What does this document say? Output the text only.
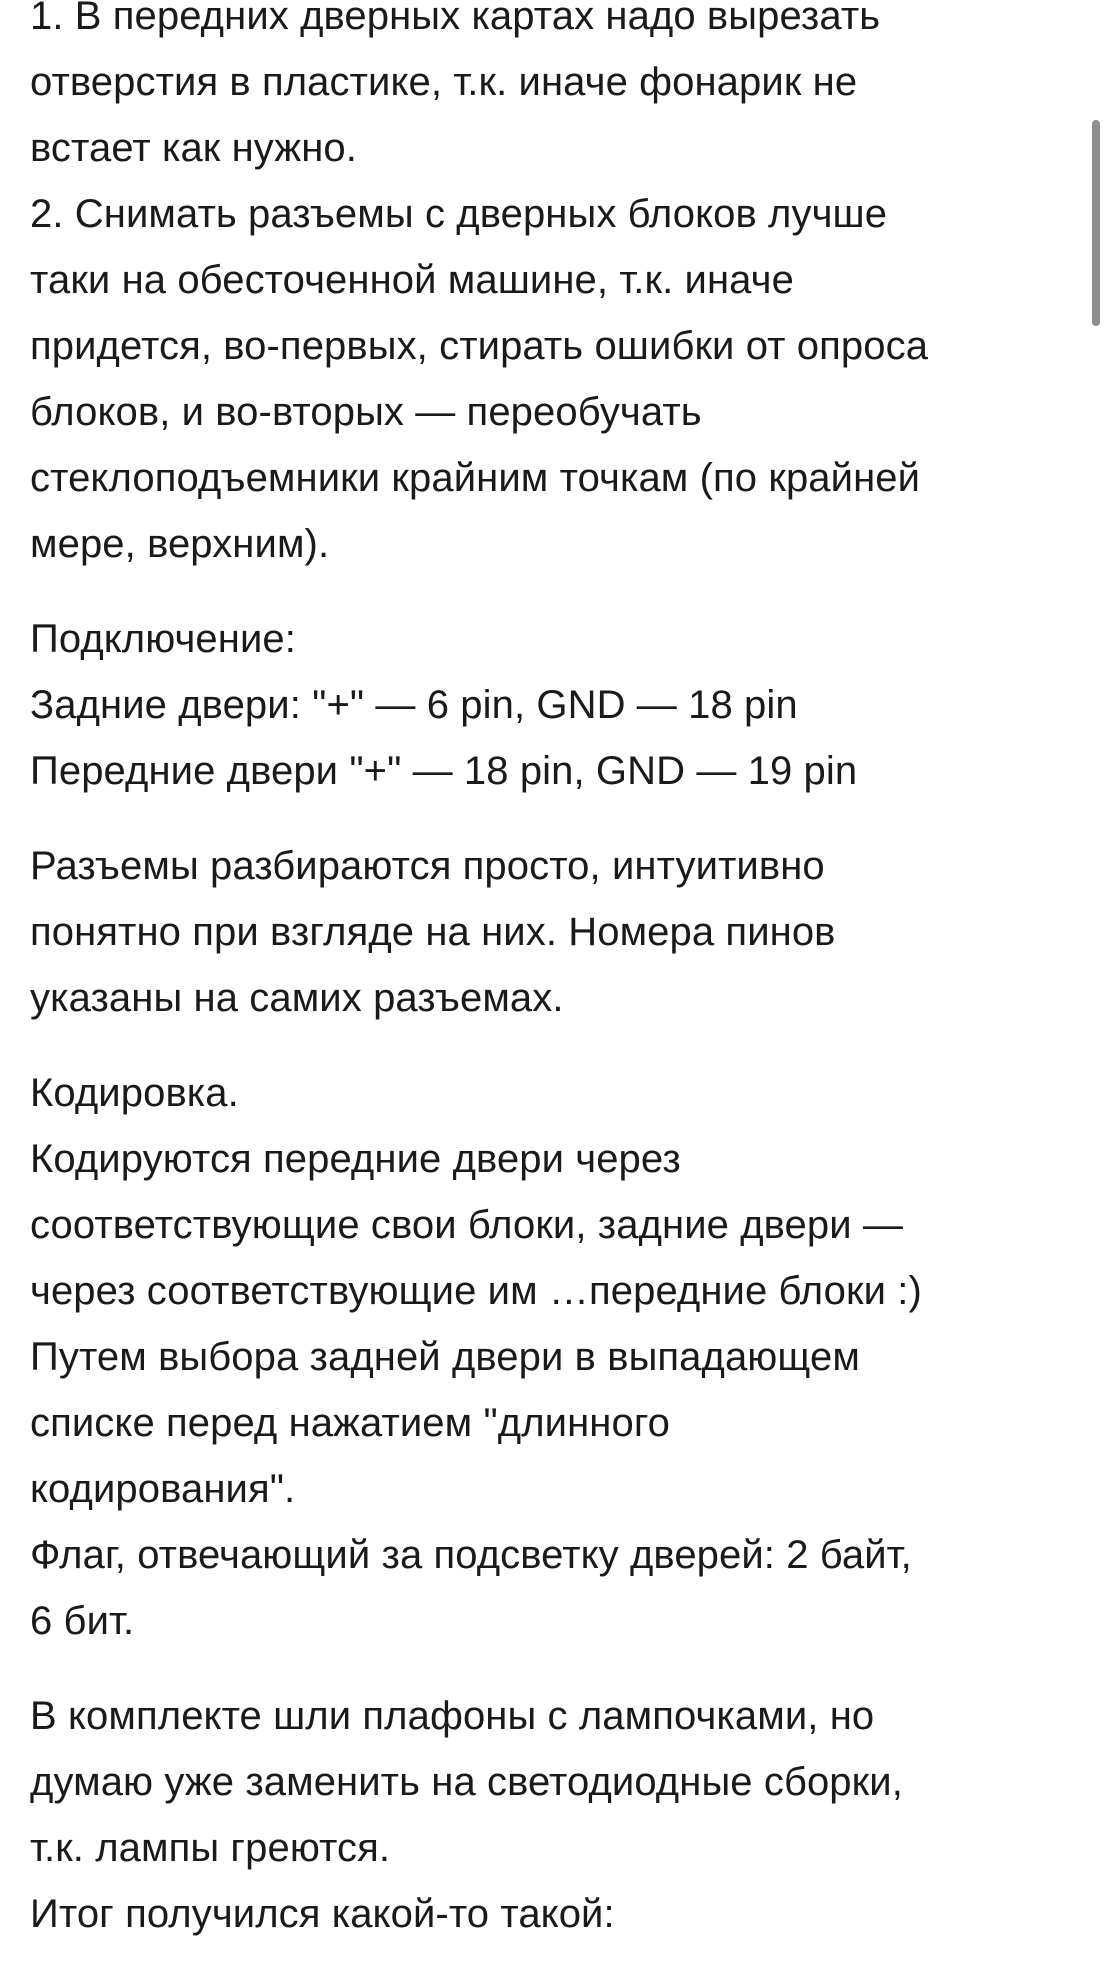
1. В передних дверных картах надо вырезать
отверстия в пластике, т.к. иначе фонарик не
встает как нужно.
2. Снимать разъемы с дверных блоков лучше
таки на обесточенной машине, т.к. иначе
придется, во-первых, стирать ошибки от опроса
блоков, и во-вторых — переобучать
стеклоподъемники крайним точкам (по крайней
мере, верхним).
Подключение:
Задние двери: "+" — 6 pin, GND — 18 pin
Передние двери "+" — 18 pin, GND — 19 pin
Разъемы разбираются просто, интуитивно
понятно при взгляде на них. Номера пинов
указаны на самих разъемах.
Кодировка.
Кодируются передние двери через
соответствующие свои блоки, задние двери —
через соответствующие им …передние блоки :)
Путем выбора задней двери в выпадающем
списке перед нажатием "длинного
кодирования".
Флаг, отвечающий за подсветку дверей: 2 байт,
6 бит.
В комплекте шли плафоны с лампочками, но
думаю уже заменить на светодиодные сборки,
т.к. лампы греются.
Итог получился какой-то такой:
